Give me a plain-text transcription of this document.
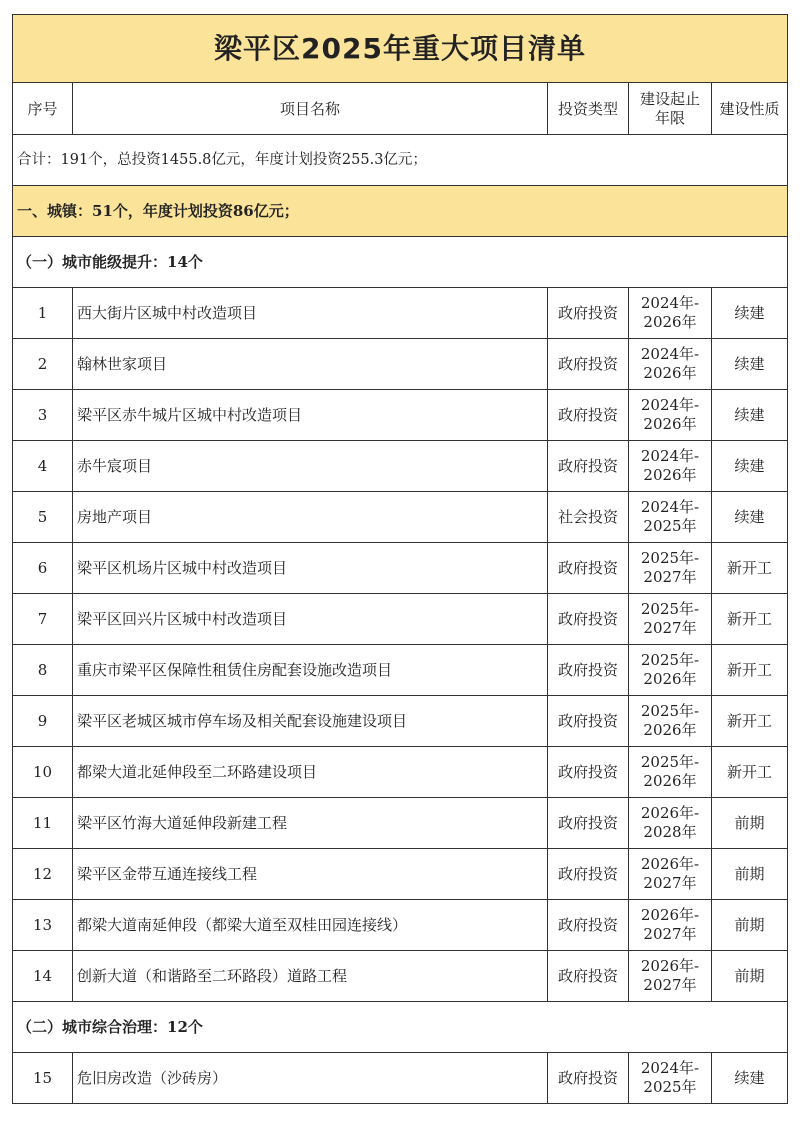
梁平区2025年重大项目清单				
序号	项目名称	投资类型	建设起止
年限	建设性质
合计：191个，总投资1455.8亿元，年度计划投资255.3亿元；				
一、城镇：51个，年度计划投资86亿元；				
（一）城市能级提升：14个				
1	西大街片区城中村改造项目	政府投资	2024年-
2026年	续建
2	翰林世家项目	政府投资	2024年-
2026年	续建
3	梁平区赤牛城片区城中村改造项目	政府投资	2024年-
2026年	续建
4	赤牛宸项目	政府投资	2024年-
2026年	续建
5	房地产项目	社会投资	2024年-
2025年	续建
6	梁平区机场片区城中村改造项目	政府投资	2025年-
2027年	新开工
7	梁平区回兴片区城中村改造项目	政府投资	2025年-
2027年	新开工
8	重庆市梁平区保障性租赁住房配套设施改造项目	政府投资	2025年-
2026年	新开工
9	梁平区老城区城市停车场及相关配套设施建设项目	政府投资	2025年-
2026年	新开工
10	都梁大道北延伸段至二环路建设项目	政府投资	2025年-
2026年	新开工
11	梁平区竹海大道延伸段新建工程	政府投资	2026年-
2028年	前期
12	梁平区金带互通连接线工程	政府投资	2026年-
2027年	前期
13	都梁大道南延伸段（都梁大道至双桂田园连接线）	政府投资	2026年-
2027年	前期
14	创新大道（和谐路至二环路段）道路工程	政府投资	2026年-
2027年	前期
（二）城市综合治理：12个				
15	危旧房改造（沙砖房）	政府投资	2024年-
2025年	续建
